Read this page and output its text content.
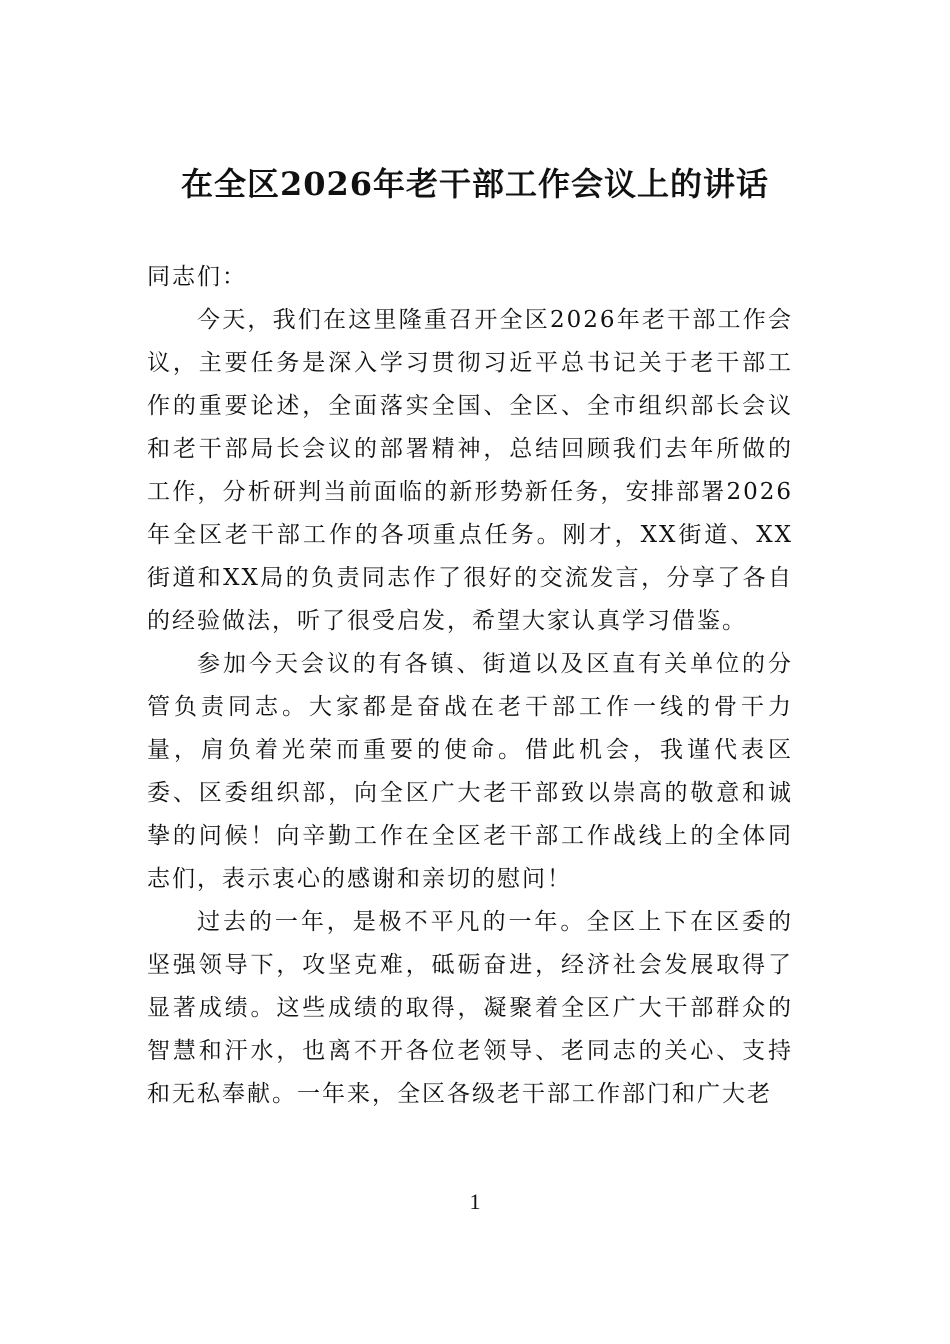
在全区2026年老干部工作会议上的讲话

同志们：

今天，我们在这里隆重召开全区2026年老干部工作会议，主要任务是深入学习贯彻习近平总书记关于老干部工作的重要论述，全面落实全国、全区、全市组织部长会议和老干部局长会议的部署精神，总结回顾我们去年所做的工作，分析研判当前面临的新形势新任务，安排部署2026年全区老干部工作的各项重点任务。刚才，XX街道、XX街道和XX局的负责同志作了很好的交流发言，分享了各自的经验做法，听了很受启发，希望大家认真学习借鉴。

参加今天会议的有各镇、街道以及区直有关单位的分管负责同志。大家都是奋战在老干部工作一线的骨干力量，肩负着光荣而重要的使命。借此机会，我谨代表区委、区委组织部，向全区广大老干部致以崇高的敬意和诚挚的问候！向辛勤工作在全区老干部工作战线上的全体同志们，表示衷心的感谢和亲切的慰问！

过去的一年，是极不平凡的一年。全区上下在区委的坚强领导下，攻坚克难，砥砺奋进，经济社会发展取得了显著成绩。这些成绩的取得，凝聚着全区广大干部群众的智慧和汗水，也离不开各位老领导、老同志的关心、支持和无私奉献。一年来，全区各级老干部工作部门和广大老

1
